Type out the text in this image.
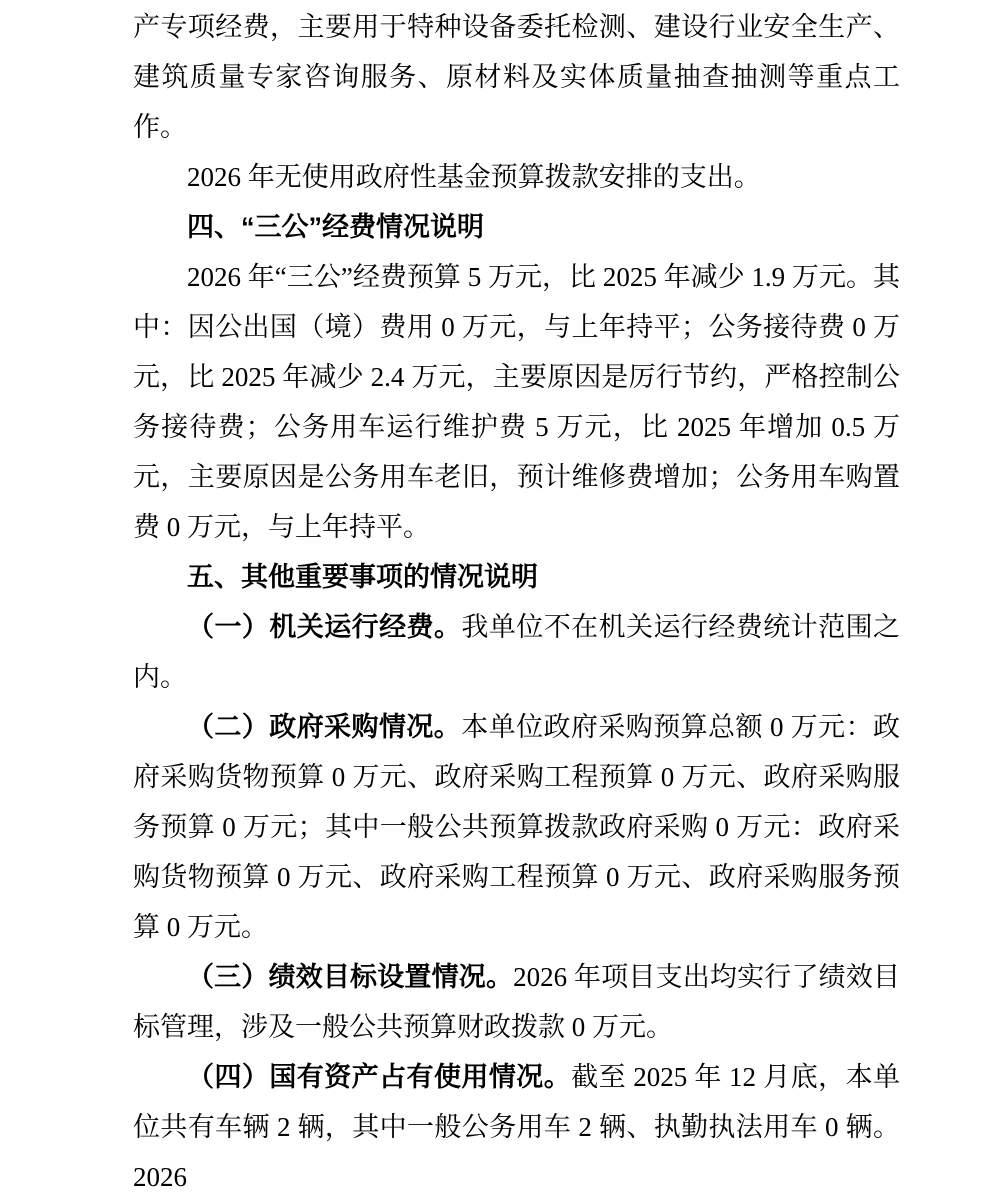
产专项经费，主要用于特种设备委托检测、建设行业安全生产、建筑质量专家咨询服务、原材料及实体质量抽查抽测等重点工作。

2026 年无使用政府性基金预算拨款安排的支出。

四、“三公”经费情况说明

2026 年“三公”经费预算 5 万元，比 2025 年减少 1.9 万元。其中：因公出国（境）费用 0 万元，与上年持平；公务接待费 0 万元，比 2025 年减少 2.4 万元，主要原因是厉行节约，严格控制公务接待费；公务用车运行维护费 5 万元，比 2025 年增加 0.5 万元，主要原因是公务用车老旧，预计维修费增加；公务用车购置费 0 万元，与上年持平。

五、其他重要事项的情况说明

（一）机关运行经费。我单位不在机关运行经费统计范围之内。

（二）政府采购情况。本单位政府采购预算总额 0 万元：政府采购货物预算 0 万元、政府采购工程预算 0 万元、政府采购服务预算 0 万元；其中一般公共预算拨款政府采购 0 万元：政府采购货物预算 0 万元、政府采购工程预算 0 万元、政府采购服务预算 0 万元。

（三）绩效目标设置情况。2026 年项目支出均实行了绩效目标管理，涉及一般公共预算财政拨款 0 万元。

（四）国有资产占有使用情况。截至 2025 年 12 月底，本单位共有车辆 2 辆，其中一般公务用车 2 辆、执勤执法用车 0 辆。2026
